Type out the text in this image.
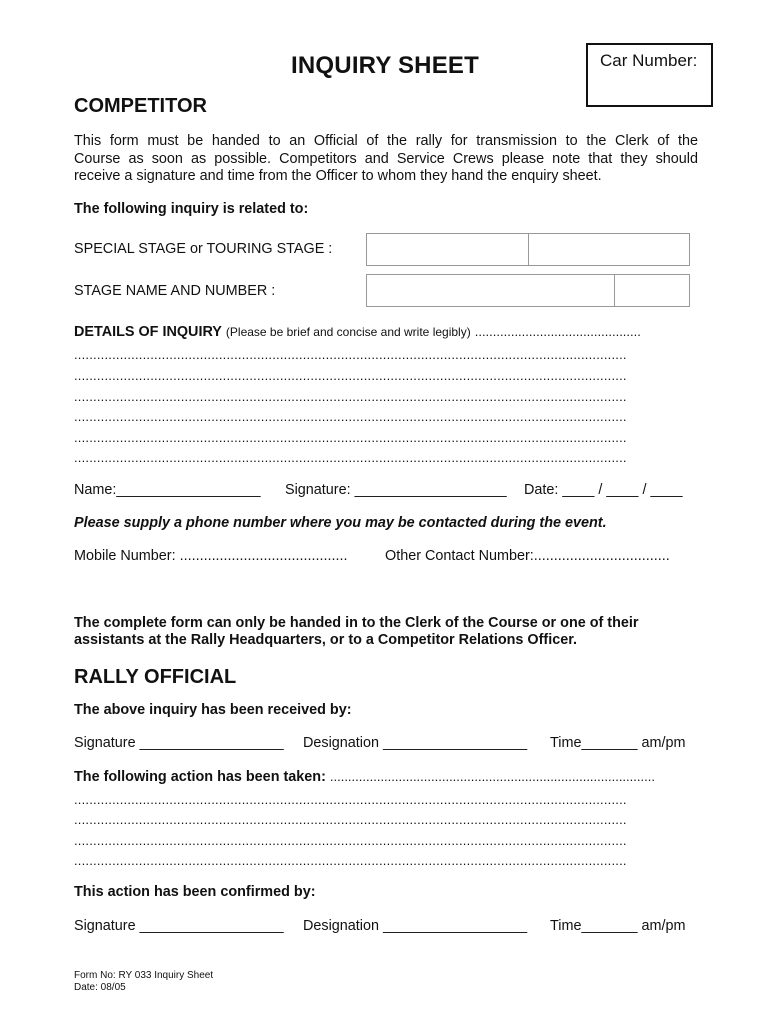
INQUIRY SHEET	Car Number:
COMPETITOR
This form must be handed to an Official of the rally for transmission to the Clerk of the
Course as soon as possible. Competitors and Service Crews please note that they should
receive a signature and time from the Officer to whom they hand the enquiry sheet.
The following inquiry is related to:
SPECIAL STAGE or TOURING STAGE :
STAGE NAME AND NUMBER :
DETAILS OF INQUIRY (Please be brief and concise and write legibly) ..............................................
.................................................................................................................................................
.................................................................................................................................................
.................................................................................................................................................
.................................................................................................................................................
.................................................................................................................................................
.................................................................................................................................................
Name:__________________ Signature: ___________________ Date: ____ / ____ / ____
Please supply a phone number where you may be contacted during the event.
Mobile Number: ..........................................	Other Contact Number:..................................
The complete form can only be handed in to the Clerk of the Course or one of their
assistants at the Rally Headquarters, or to a Competitor Relations Officer.
RALLY OFFICIAL
The above inquiry has been received by:
Signature __________________ Designation __________________ Time_______ am/pm
The following action has been taken: ..........................................................................................
.................................................................................................................................................
.................................................................................................................................................
.................................................................................................................................................
.................................................................................................................................................
This action has been confirmed by:
Signature __________________ Designation __________________ Time_______ am/pm
Form No: RY 033 Inquiry Sheet
Date: 08/05
